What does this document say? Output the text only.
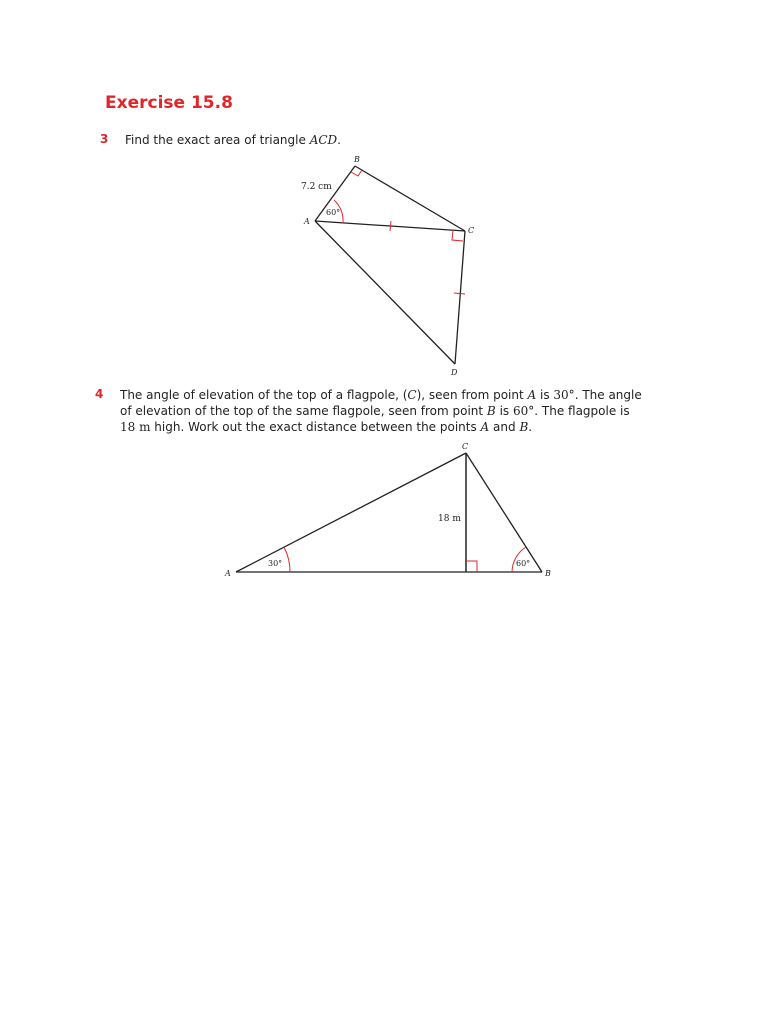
Exercise 15.8
3 Find the exact area of triangle ACD.
4 The angle of elevation of the top of a flagpole, (C), seen from point A is 30°. The angle
of elevation of the top of the same flagpole, seen from point B is 60°. The flagpole is
18 m high. Work out the exact distance between the points A and B.
B
A
C
D
7.2 cm
60°
C
A	B
18 m
30°	60°
